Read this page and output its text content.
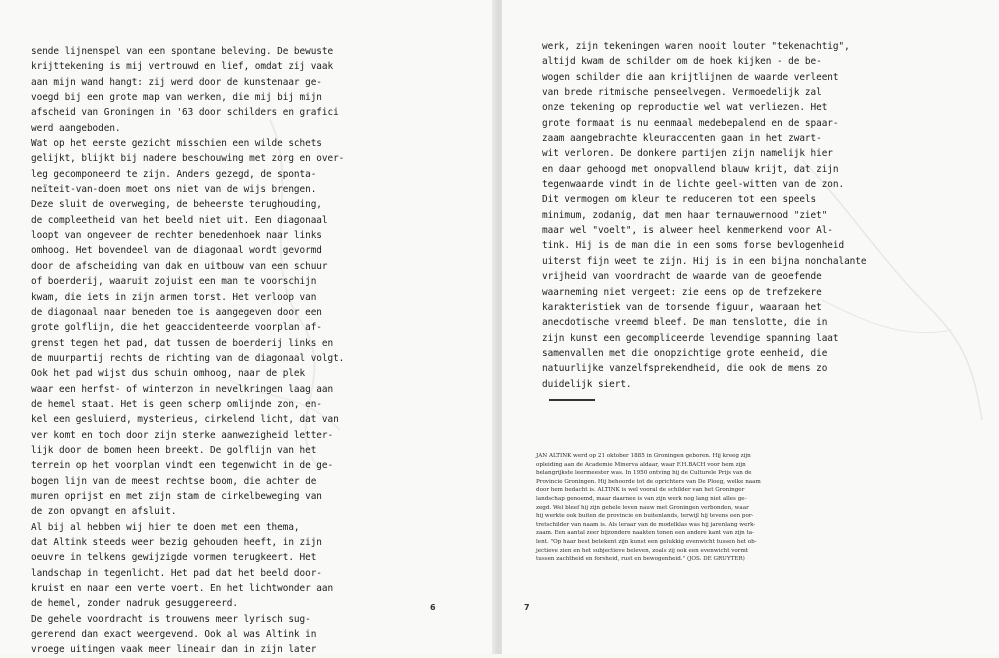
sende lijnenspel van een spontane beleving. De bewuste
krijttekening is mij vertrouwd en lief, omdat zij vaak
aan mijn wand hangt: zij werd door de kunstenaar ge-
voegd bij een grote map van werken, die mij bij mijn
afscheid van Groningen in '63 door schilders en grafici
werd aangeboden.
Wat op het eerste gezicht misschien een wilde schets
gelijkt, blijkt bij nadere beschouwing met zorg en over-
leg gecomponeerd te zijn. Anders gezegd, de sponta-
neïteit-van-doen moet ons niet van de wijs brengen.
Deze sluit de overweging, de beheerste terughouding,
de compleetheid van het beeld niet uit. Een diagonaal
loopt van ongeveer de rechter benedenhoek naar links
omhoog. Het bovendeel van de diagonaal wordt gevormd
door de afscheiding van dak en uitbouw van een schuur
of boerderij, waaruit zojuist een man te voorschijn
kwam, die iets in zijn armen torst. Het verloop van
de diagonaal naar beneden toe is aangegeven door een
grote golflijn, die het geaccidenteerde voorplan af-
grenst tegen het pad, dat tussen de boerderij links en
de muurpartij rechts de richting van de diagonaal volgt.
Ook het pad wijst dus schuin omhoog, naar de plek
waar een herfst- of winterzon in nevelkringen laag aan
de hemel staat. Het is geen scherp omlijnde zon, en-
kel een gesluierd, mysterieus, cirkelend licht, dat van
ver komt en toch door zijn sterke aanwezigheid letter-
lijk door de bomen heen breekt. De golflijn van het
terrein op het voorplan vindt een tegenwicht in de ge-
bogen lijn van de meest rechtse boom, die achter de
muren oprijst en met zijn stam de cirkelbeweging van
de zon opvangt en afsluit.
Al bij al hebben wij hier te doen met een thema,
dat Altink steeds weer bezig gehouden heeft, in zijn
oeuvre in telkens gewijzigde vormen terugkeert. Het
landschap in tegenlicht. Het pad dat het beeld door-
kruist en naar een verte voert. En het lichtwonder aan
de hemel, zonder nadruk gesuggereerd.
De gehele voordracht is trouwens meer lyrisch sug-
gererend dan exact weergevend. Ook al was Altink in
vroege uitingen vaak meer lineair dan in zijn later
6
werk, zijn tekeningen waren nooit louter "tekenachtig",
altijd kwam de schilder om de hoek kijken - de be-
wogen schilder die aan krijtlijnen de waarde verleent
van brede ritmische penseelvegen. Vermoedelijk zal
onze tekening op reproductie wel wat verliezen. Het
grote formaat is nu eenmaal medebepalend en de spaar-
zaam aangebrachte kleuraccenten gaan in het zwart-
wit verloren. De donkere partijen zijn namelijk hier
en daar gehoogd met onopvallend blauw krijt, dat zijn
tegenwaarde vindt in de lichte geel-witten van de zon.
Dit vermogen om kleur te reduceren tot een speels
minimum, zodanig, dat men haar ternauwernood "ziet"
maar wel "voelt", is alweer heel kenmerkend voor Al-
tink. Hij is de man die in een soms forse bevlogenheid
uiterst fijn weet te zijn. Hij is in een bijna nonchalante
vrijheid van voordracht de waarde van de geoefende
waarneming niet vergeet: zie eens op de trefzekere
karakteristiek van de torsende figuur, waaraan het
anecdotische vreemd bleef. De man tenslotte, die in
zijn kunst een gecompliceerde levendige spanning laat
samenvallen met die onopzichtige grote eenheid, die
natuurlijke vanzelfsprekendheid, die ook de mens zo
duidelijk siert.
JAN ALTINK werd op 21 oktober 1885 in Groningen geboren. Hij kreeg zijn
opleiding aan de Academie Minerva aldaar, waar F.H.BACH voor hem zijn
belangrijkste leermeester was. In 1950 ontving hij de Culturele Prijs van de
Provincie Groningen. Hij behoorde tot de oprichters van De Ploeg, welke naam
door hem bedacht is. ALTINK is wel vooral de schilder van het Groninger
landschap genoemd, maar daarnee is van zijn werk nog lang niet alles ge-
zegd. Wel bleef hij zijn gehele leven nauw met Groningen verbonden, waar
hij werkte ook buiten de provincie en buitenlands, terwijl hij tevens een por-
tretschilder van naam is. Als leraar van de modelklas was hij jarenlang werk-
zaam. Een aantal zeer bijzondere naakten tonen een andere kant van zijn ta-
lent. "Op haar best betekent zijn kunst een gelukkig evenwicht tussen het ob-
jectieve zien en het subjectieve beleven, zoals zij ook een evenwicht vormt
tussen zachtheid en forsheid, rust en bewogenheid." (JOS. DE GRUYTER)
7
